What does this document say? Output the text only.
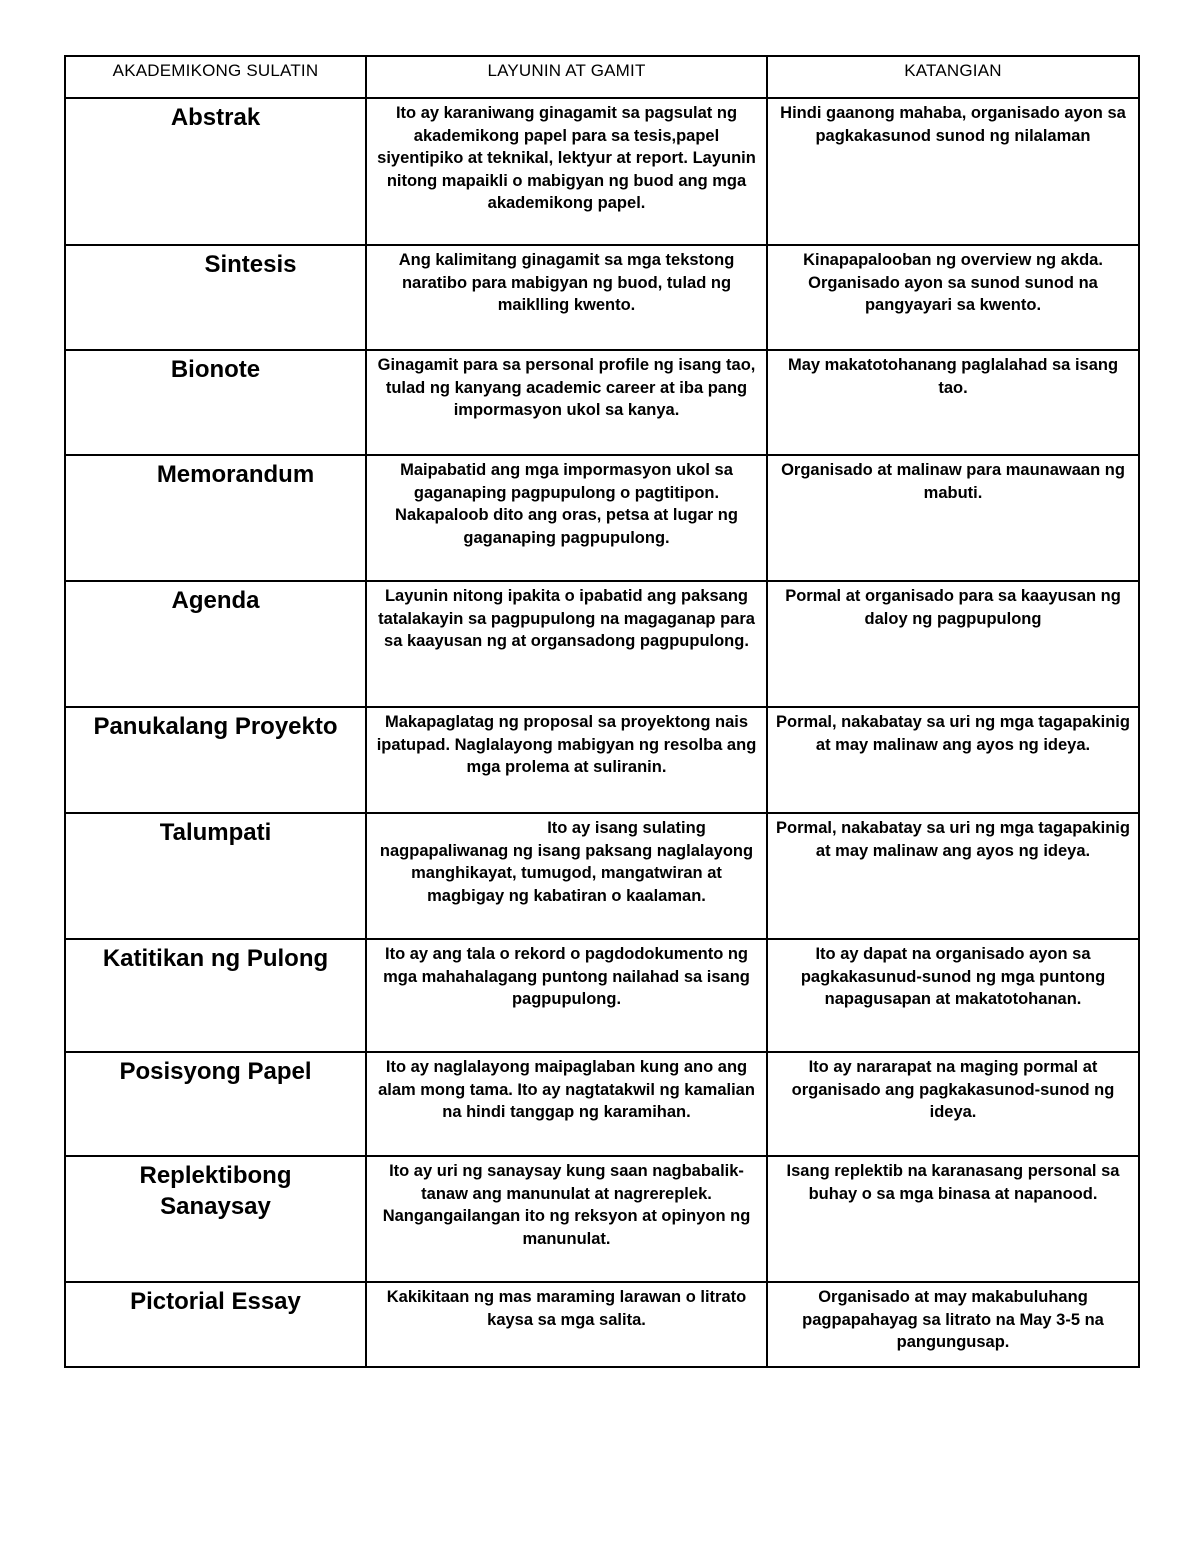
AKADEMIKONG SULATIN	LAYUNIN AT GAMIT	KATANGIAN
Abstrak	Ito ay karaniwang ginagamit sa pagsulat ng akademikong papel para sa tesis,papel siyentipiko at teknikal, lektyur at report. Layunin nitong mapaikli o mabigyan ng buod ang mga akademikong papel.	Hindi gaanong mahaba, organisado ayon sa pagkakasunod sunod ng nilalaman
Sintesis	Ang kalimitang ginagamit sa mga tekstong naratibo para mabigyan ng buod, tulad ng maiklling kwento.	Kinapapalooban ng overview ng akda. Organisado ayon sa sunod sunod na pangyayari sa kwento.
Bionote	Ginagamit para sa personal profile ng isang tao, tulad ng kanyang academic career at iba pang impormasyon ukol sa kanya.	May makatotohanang paglalahad sa isang tao.
Memorandum	Maipabatid ang mga impormasyon ukol sa gaganaping pagpupulong o pagtitipon. Nakapaloob dito ang oras, petsa at lugar ng gaganaping pagpupulong.	Organisado at malinaw para maunawaan ng mabuti.
Agenda	Layunin nitong ipakita o ipabatid ang paksang tatalakayin sa pagpupulong na magaganap para sa kaayusan ng at organsadong pagpupulong.	Pormal at organisado para sa kaayusan ng daloy ng pagpupulong
Panukalang Proyekto	Makapaglatag ng proposal sa proyektong nais ipatupad. Naglalayong mabigyan ng resolba ang mga prolema at suliranin.	Pormal, nakabatay sa uri ng mga tagapakinig at may malinaw ang ayos ng ideya.
Talumpati	Ito ay isang sulating nagpapaliwanag ng isang paksang naglalayong manghikayat, tumugod, mangatwiran at magbigay ng kabatiran o kaalaman.	Pormal, nakabatay sa uri ng mga tagapakinig at may malinaw ang ayos ng ideya.
Katitikan ng Pulong	Ito ay ang tala o rekord o pagdodokumento ng mga mahahalagang puntong nailahad sa isang pagpupulong.	Ito ay dapat na organisado ayon sa pagkakasunud-sunod ng mga puntong napagusapan at makatotohanan.
Posisyong Papel	Ito ay naglalayong maipaglaban kung ano ang alam mong tama. Ito ay nagtatakwil ng kamalian na hindi tanggap ng karamihan.	Ito ay nararapat na maging pormal at organisado ang pagkakasunod-sunod ng ideya.
Replektibong Sanaysay	Ito ay uri ng sanaysay kung saan nagbabalik-tanaw ang manunulat at nagrereplek. Nangangailangan ito ng reksyon at opinyon ng manunulat.	Isang replektib na karanasang personal sa buhay o sa mga binasa at napanood.
Pictorial Essay	Kakikitaan ng mas maraming larawan o litrato kaysa sa mga salita.	Organisado at may makabuluhang pagpapahayag sa litrato na May 3-5 na pangungusap.
